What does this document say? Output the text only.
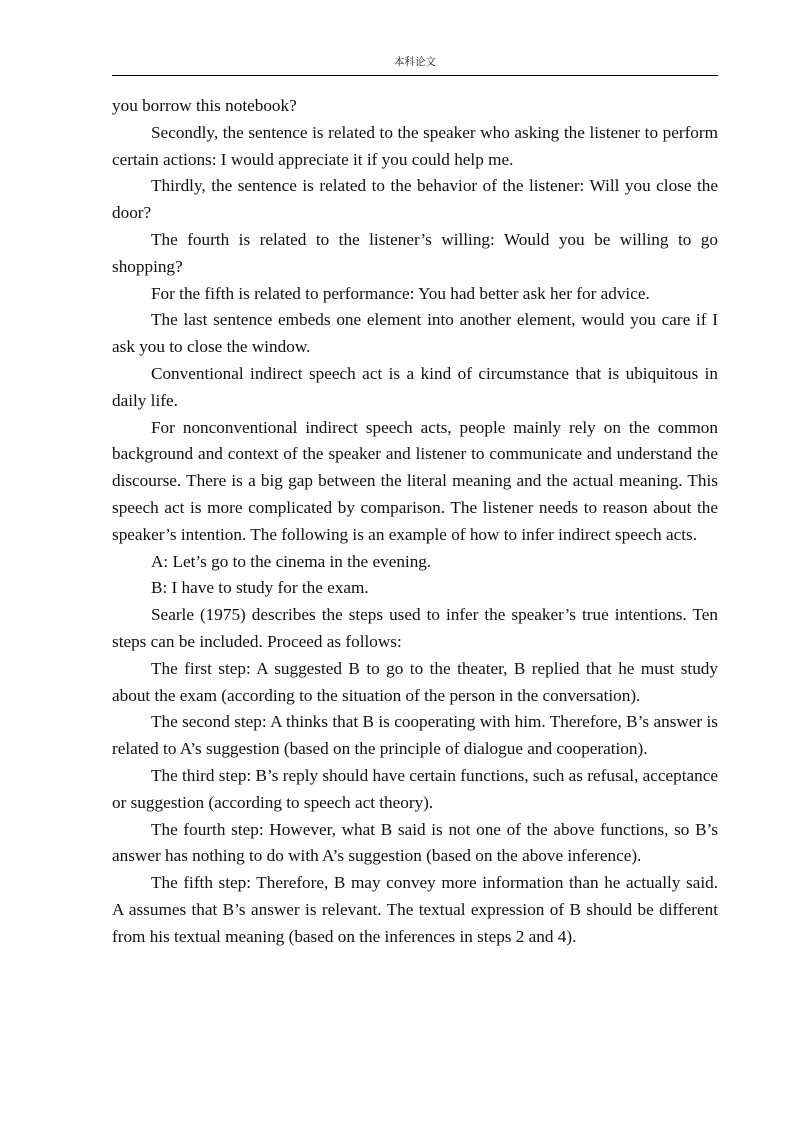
本科论文

you borrow this notebook?

Secondly, the sentence is related to the speaker who asking the listener to perform certain actions: I would appreciate it if you could help me.

Thirdly, the sentence is related to the behavior of the listener: Will you close the door?

The fourth is related to the listener’s willing: Would you be willing to go shopping?

For the fifth is related to performance: You had better ask her for advice.

The last sentence embeds one element into another element, would you care if I ask you to close the window.

Conventional indirect speech act is a kind of circumstance that is ubiquitous in daily life.

For nonconventional indirect speech acts, people mainly rely on the common background and context of the speaker and listener to communicate and understand the discourse. There is a big gap between the literal meaning and the actual meaning. This speech act is more complicated by comparison. The listener needs to reason about the speaker’s intention. The following is an example of how to infer indirect speech acts.

A: Let’s go to the cinema in the evening.

B: I have to study for the exam.

Searle (1975) describes the steps used to infer the speaker’s true intentions. Ten steps can be included. Proceed as follows:

The first step: A suggested B to go to the theater, B replied that he must study about the exam (according to the situation of the person in the conversation).

The second step: A thinks that B is cooperating with him. Therefore, B’s answer is related to A’s suggestion (based on the principle of dialogue and cooperation).

The third step: B’s reply should have certain functions, such as refusal, acceptance or suggestion (according to speech act theory).

The fourth step: However, what B said is not one of the above functions, so B’s answer has nothing to do with A’s suggestion (based on the above inference).

The fifth step: Therefore, B may convey more information than he actually said. A assumes that B’s answer is relevant. The textual expression of B should be different from his textual meaning (based on the inferences in steps 2 and 4).
